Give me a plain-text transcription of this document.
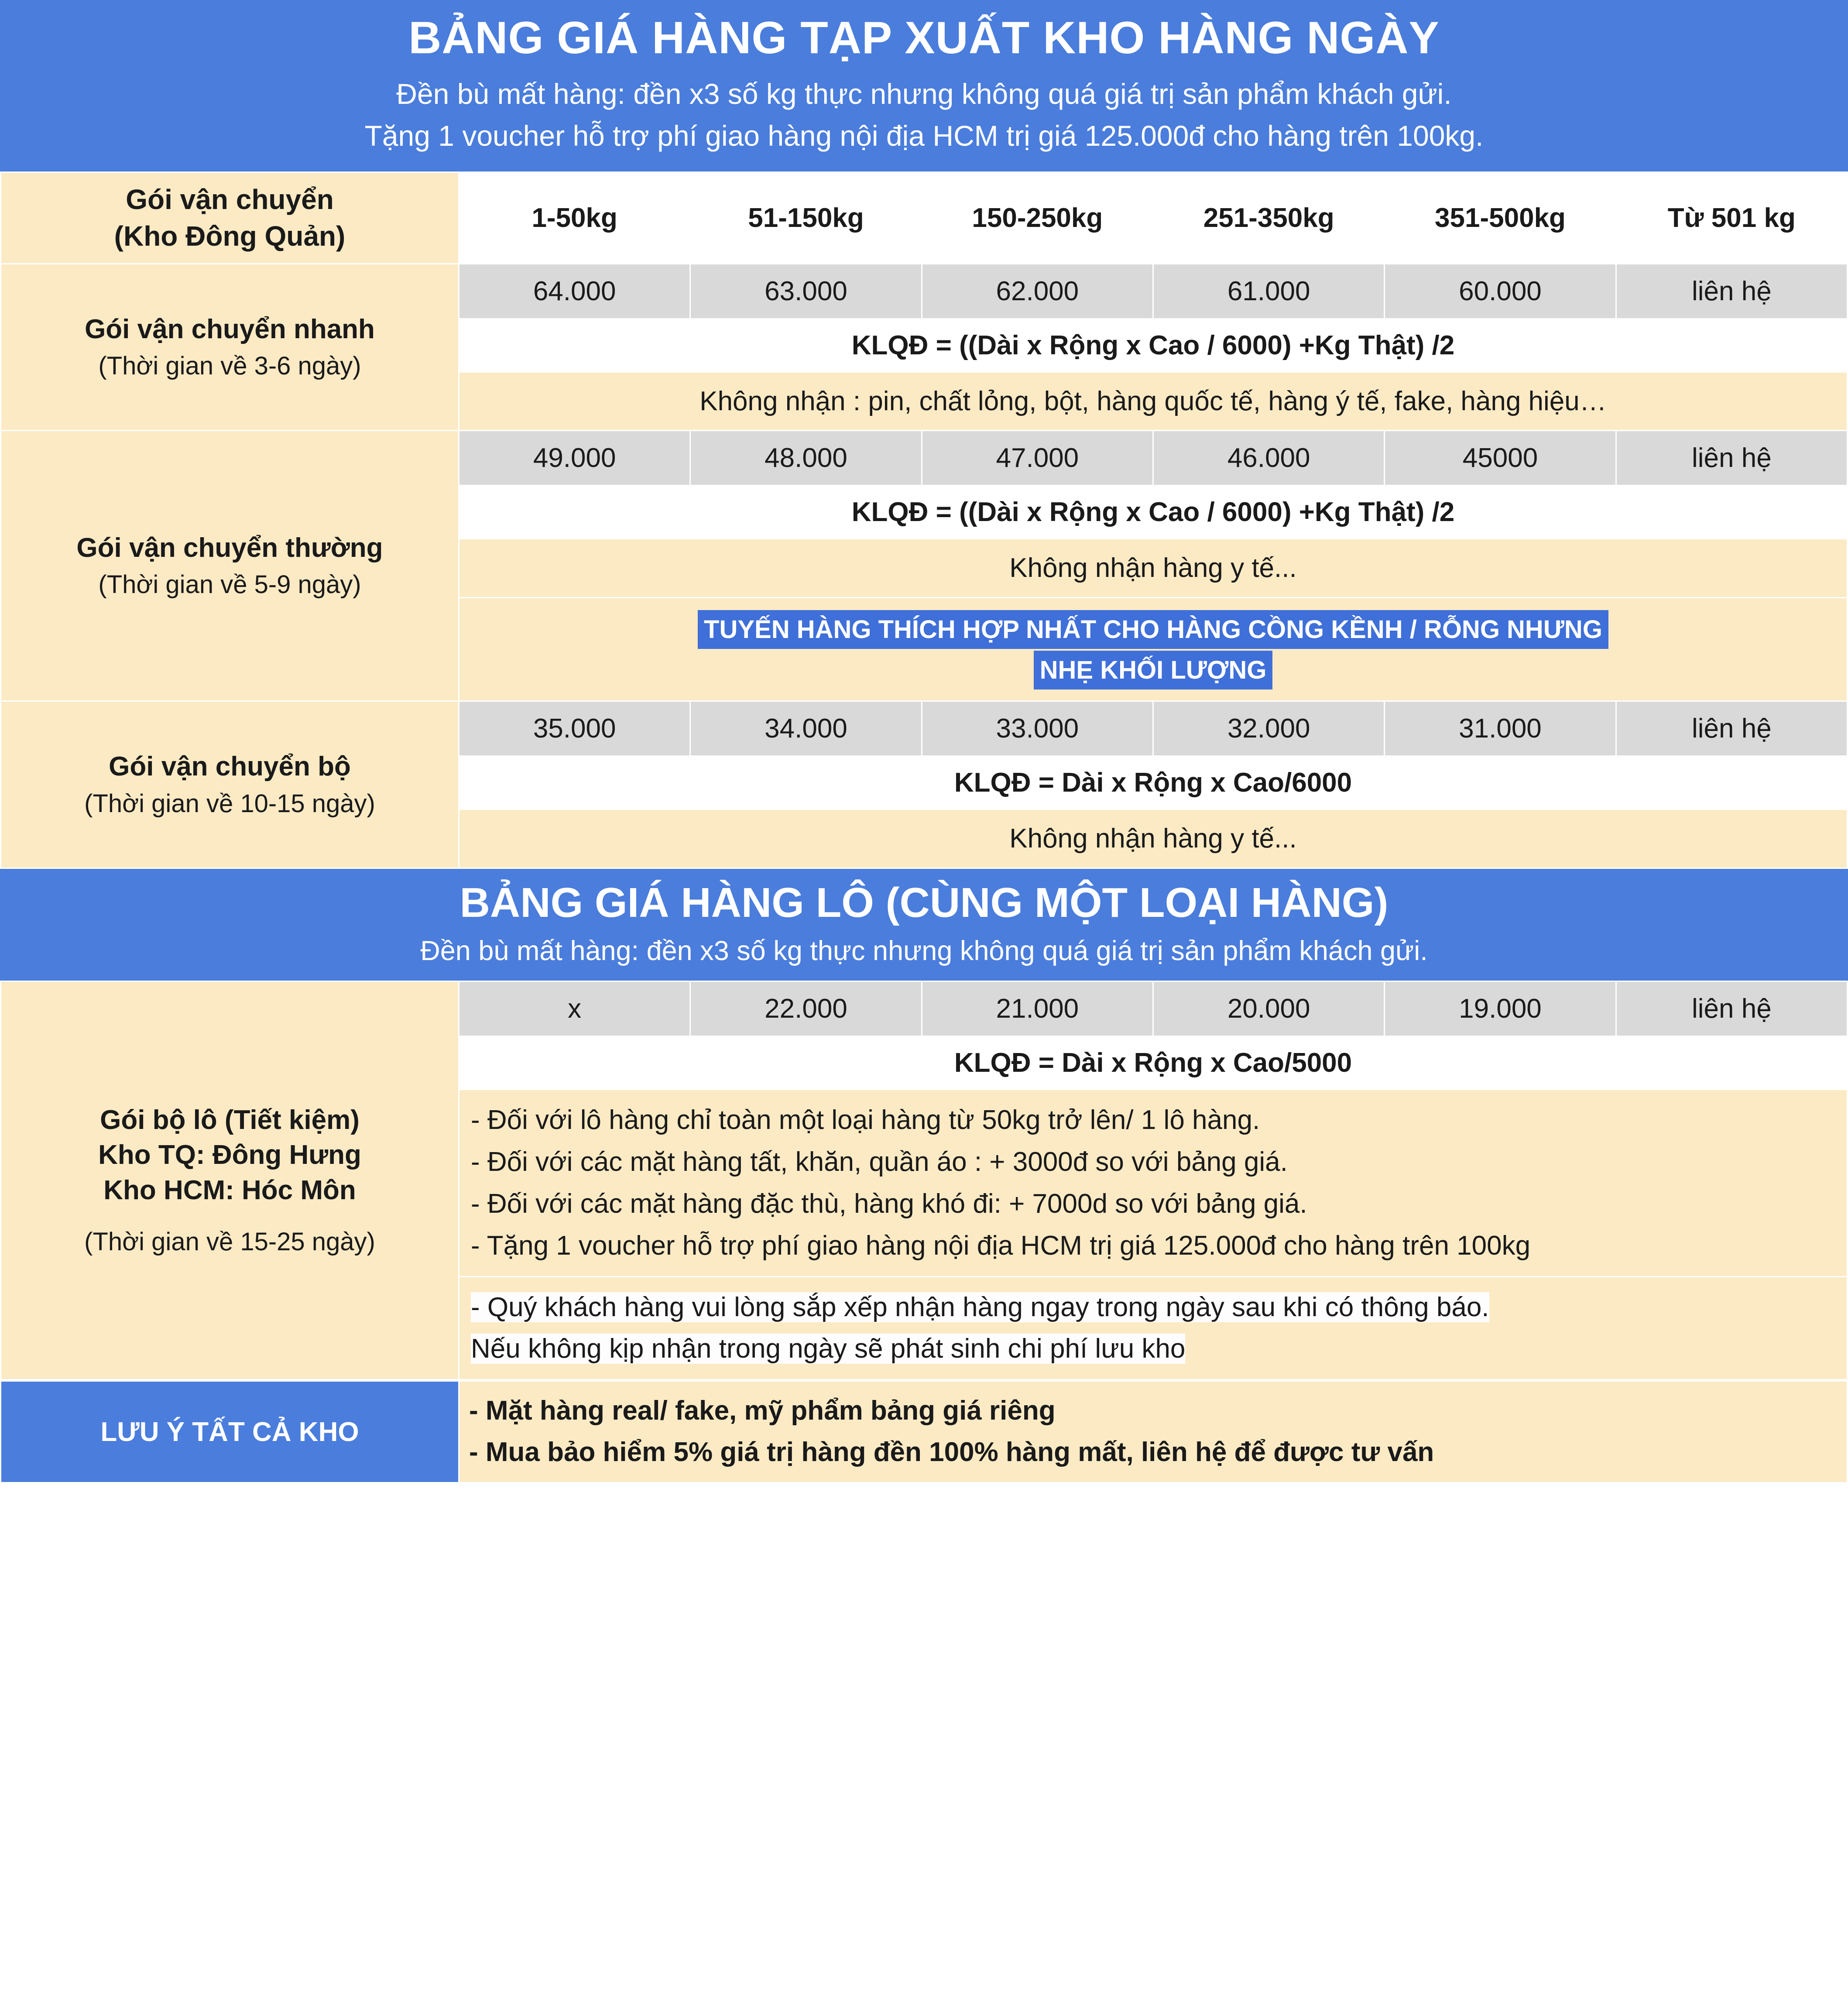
BẢNG GIÁ HÀNG TẠP XUẤT KHO HÀNG NGÀY
Đền bù mất hàng: đền x3 số kg thực nhưng không quá giá trị sản phẩm khách gửi.
Tặng 1 voucher hỗ trợ phí giao hàng nội địa HCM trị giá 125.000đ cho hàng trên 100kg.
Gói vận chuyển
(Kho Đông Quản)	1-50kg	51-150kg	150-250kg	251-350kg	351-500kg	Từ 501 kg

Gói vận chuyển nhanh
(Thời gian về 3-6 ngày)	64.000	63.000	62.000	61.000	60.000	liên hệ
	KLQĐ = ((Dài x Rộng x Cao / 6000) +Kg Thật) /2					
	Không nhận : pin, chất lỏng, bột, hàng quốc tế, hàng ý tế, fake, hàng hiệu…					

Gói vận chuyển thường
(Thời gian về 5-9 ngày)	49.000	48.000	47.000	46.000	45000	liên hệ
	KLQĐ = ((Dài x Rộng x Cao / 6000) +Kg Thật) /2					
	Không nhận hàng y tế...					
	TUYẾN HÀNG THÍCH HỢP NHẤT CHO HÀNG CỒNG KỀNH / RỖNG NHƯNG
NHẸ KHỐI LƯỢNG					

Gói vận chuyển bộ
(Thời gian về 10-15 ngày)	35.000	34.000	33.000	32.000	31.000	liên hệ
	KLQĐ = Dài x Rộng x Cao/6000					
	Không nhận hàng y tế...					
BẢNG GIÁ HÀNG LÔ (CÙNG MỘT LOẠI HÀNG)
Đền bù mất hàng: đền x3 số kg thực nhưng không quá giá trị sản phẩm khách gửi.
Gói bộ lô (Tiết kiệm)
Kho TQ: Đông Hưng
Kho HCM: Hóc Môn
(Thời gian về 15-25 ngày)
	x	22.000	21.000	20.000	19.000	liên hệ
KLQĐ = Dài x Rộng x Cao/5000

- Đối với lô hàng chỉ toàn một loại hàng từ 50kg trở lên/ 1 lô hàng.
- Đối với các mặt hàng tất, khăn, quần áo : + 3000đ so với bảng giá.
- Đối với các mặt hàng đặc thù, hàng khó đi: + 7000d so với bảng giá.
- Tặng 1 voucher hỗ trợ phí giao hàng nội địa HCM trị giá 125.000đ cho hàng trên 100kg

- Quý khách hàng vui lòng sắp xếp nhận hàng ngay trong ngày sau khi có thông báo.
Nếu không kịp nhận trong ngày sẽ phát sinh chi phí lưu kho
LƯU Ý TẤT CẢ KHO	
- Mặt hàng real/ fake, mỹ phẩm bảng giá riêng
- Mua bảo hiểm 5% giá trị hàng đền 100% hàng mất, liên hệ để được tư vấn
